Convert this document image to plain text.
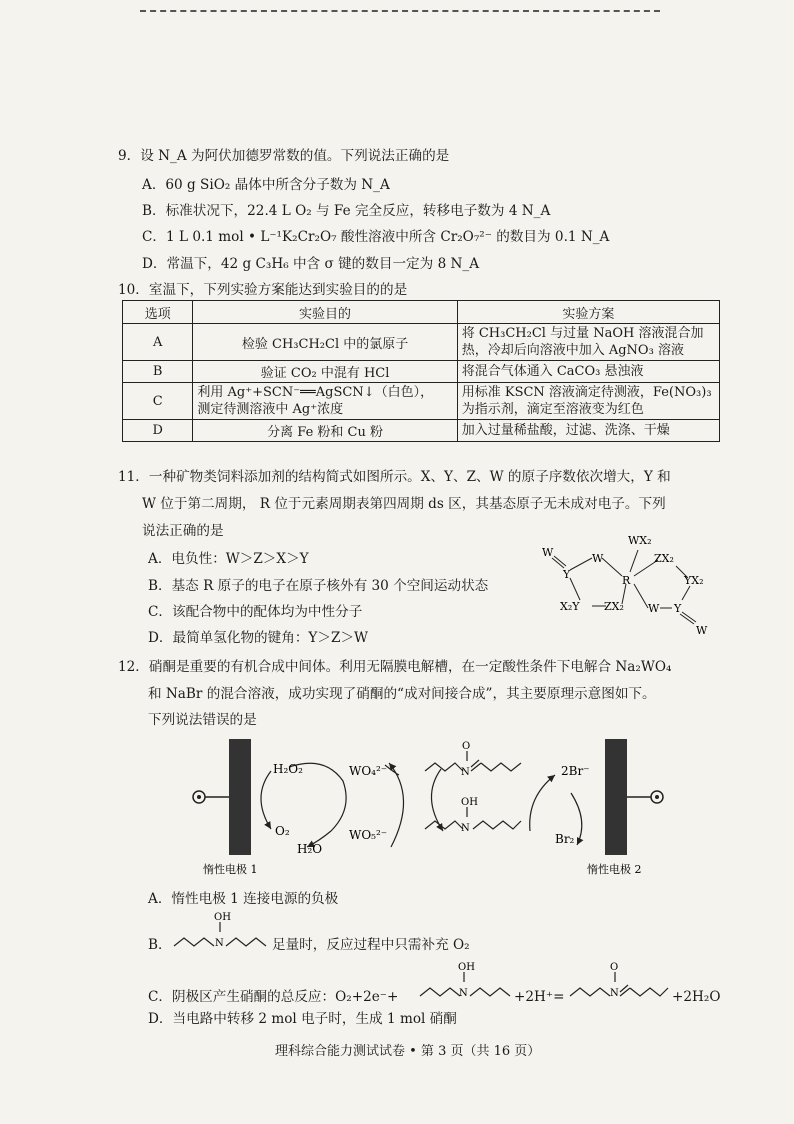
9．设 N_A 为阿伏加德罗常数的值。下列说法正确的是
A．60 g SiO₂ 晶体中所含分子数为 N_A
B．标准状况下，22.4 L O₂ 与 Fe 完全反应，转移电子数为 4 N_A
C．1 L 0.1 mol • L⁻¹K₂Cr₂O₇ 酸性溶液中所含 Cr₂O₇²⁻ 的数目为 0.1 N_A
D．常温下，42 g C₃H₆ 中含 σ 键的数目一定为 8 N_A
10．室温下，下列实验方案能达到实验目的的是
选项	实验目的	实验方案
A	检验 CH₃CH₂Cl 中的氯原子	将 CH₃CH₂Cl 与过量 NaOH 溶液混合加
热，冷却后向溶液中加入 AgNO₃ 溶液
B	验证 CO₂ 中混有 HCl	将混合气体通入 CaCO₃ 悬浊液
C	利用 Ag⁺+SCN⁻══AgSCN↓（白色），
测定待测溶液中 Ag⁺浓度	用标准 KSCN 溶液滴定待测液，Fe(NO₃)₃
为指示剂，滴定至溶液变为红色
D	分离 Fe 粉和 Cu 粉	加入过量稀盐酸，过滤、洗涤、干燥
11．一种矿物类饲料添加剂的结构简式如图所示。X、Y、Z、W 的原子序数依次增大，Y 和
W 位于第二周期， R 位于元素周期表第四周期 ds 区，其基态原子无未成对电子。下列
说法正确的是
A．电负性：W＞Z＞X＞Y
B．基态 R 原子的电子在原子核外有 30 个空间运动状态
C．该配合物中的配体均为中性分子
D．最简单氢化物的键角：Y＞Z＞W
W
Y
W
R
WX₂
ZX₂
YX₂
X₂Y ZX₂ W Y
W
12．硝酮是重要的有机合成中间体。利用无隔膜电解槽，在一定酸性条件下电解合 Na₂WO₄
和 NaBr 的混合溶液，成功实现了硝酮的“成对间接合成”，其主要原理示意图如下。
下列说法错误的是
H₂O₂
O₂
H₂O
WO₄²⁻
WO₅²⁻
2Br⁻
Br₂
O
N
OH
N
惰性电极 1	惰性电极 2
A．惰性电极 1 连接电源的负极
B．
OH
N	足量时，反应过程中只需补充 O₂
C．阴极区产生硝酮的总反应：O₂+2e⁻+
OH
N	+2H⁺=
O
N	+2H₂O
D．当电路中转移 2 mol 电子时，生成 1 mol 硝酮
理科综合能力测试试卷 • 第 3 页（共 16 页）
